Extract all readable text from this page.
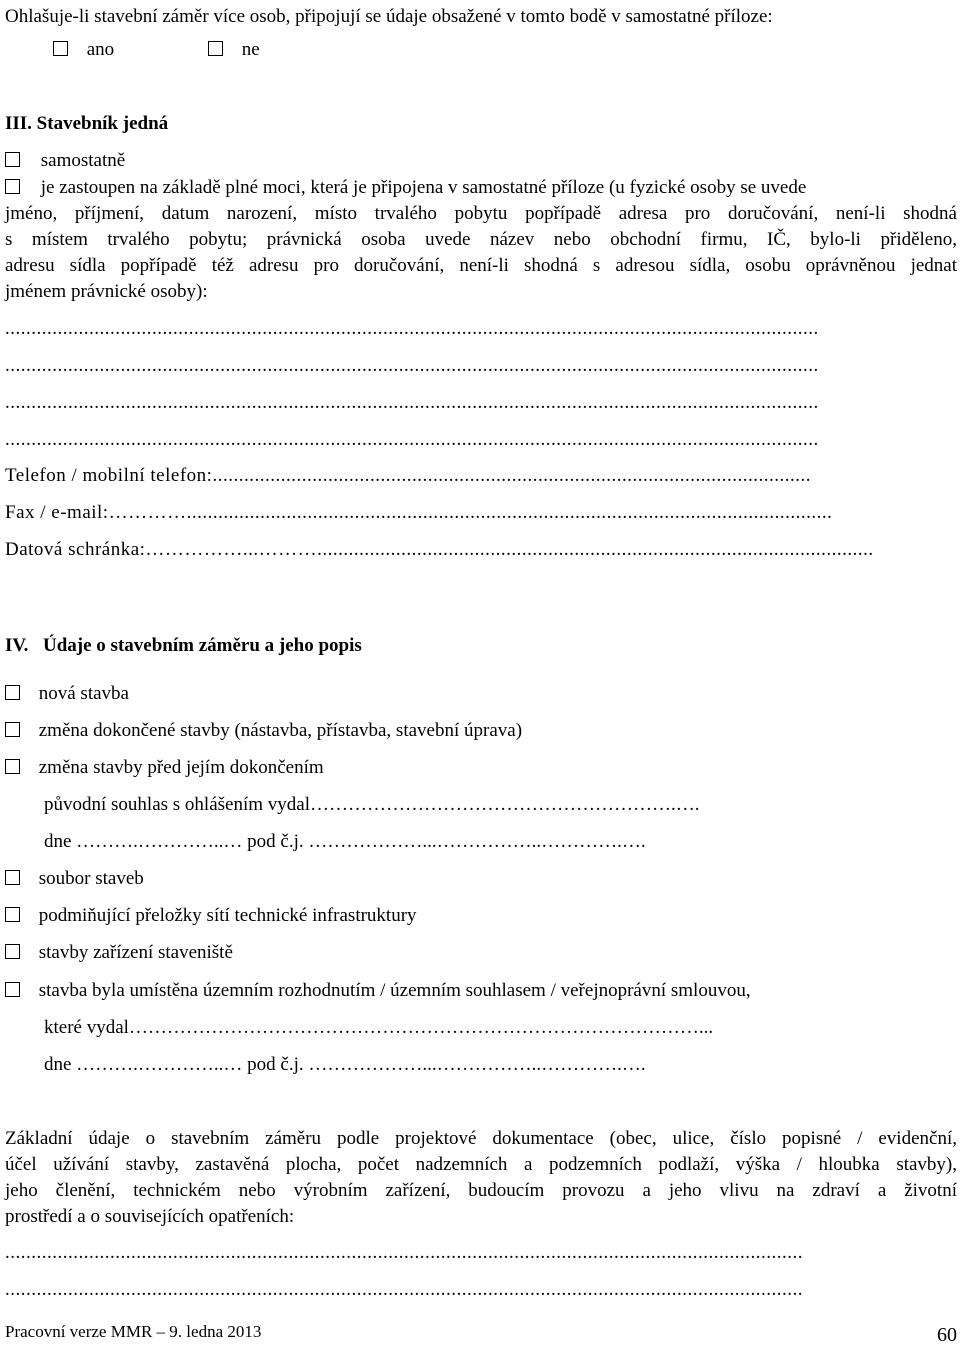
Ohlašuje-li stavební záměr více osob, připojují se údaje obsažené v tomto bodě v samostatné příloze:
ano	ne
III. Stavebník jedná
samostatně
je zastoupen na základě plné moci, která je připojena v samostatné příloze (u fyzické osoby se uvede
jméno, příjmení, datum narození, místo trvalého pobytu popřípadě adresa pro doručování, není-li shodná
s místem trvalého pobytu; právnická osoba uvede název nebo obchodní firmu, IČ, bylo-li přiděleno,
adresu sídla popřípadě též adresu pro doručování, není-li shodná s adresou sídla, osobu oprávněnou jednat
jménem právnické osoby):
...........................................................................................................................................................
...........................................................................................................................................................
...........................................................................................................................................................
...........................................................................................................................................................
Telefon / mobilní telefon:..................................................................................................................
Fax / e-mail:…………...........................................................................................................................
Datová schránka:……………...………..........................................................................................................
IV. Údaje o stavebním záměru a jeho popis
nová stavba
změna dokončené stavby (nástavba, přístavba, stavební úprava)
změna stavby před jejím dokončením
původní souhlas s ohlášením vydal………………………………………………….….
dne ……….…………..… pod č.j. ………………...……………..………….….
soubor staveb
podmiňující přeložky sítí technické infrastruktury
stavby zařízení staveniště
stavba byla umístěna územním rozhodnutím / územním souhlasem / veřejnoprávní smlouvou,
které vydal………………………………………………………………………………...
dne ……….…………..… pod č.j. ………………...……………..………….….
Základní údaje o stavebním záměru podle projektové dokumentace (obec, ulice, číslo popisné / evidenční,
účel užívání stavby, zastavěná plocha, počet nadzemních a podzemních podlaží, výška / hloubka stavby),
jeho členění, technickém nebo výrobním zařízení, budoucím provozu a jeho vlivu na zdraví a životní
prostředí a o souvisejících opatřeních:
........................................................................................................................................................
........................................................................................................................................................
Pracovní verze MMR – 9. ledna 2013	60
